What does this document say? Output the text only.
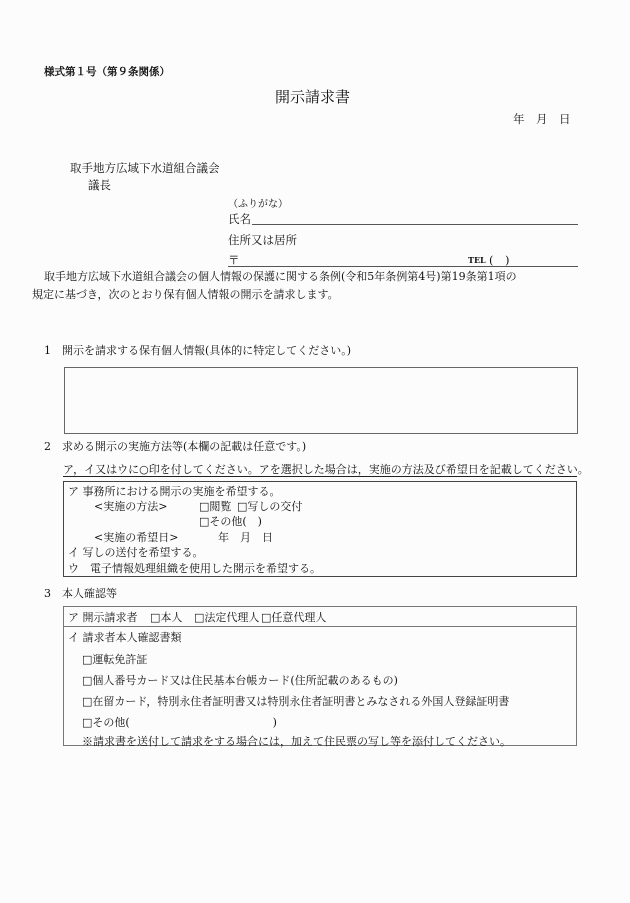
様式第１号（第９条関係）
開示請求書
年　月　日
取手地方広域下水道組合議会
議長
（ふりがな）
氏名
住所又は居所
〒	TEL (　)
取手地方広域下水道組合議会の個人情報の保護に関する条例(令和5年条例第4号)第19条第1項の
規定に基づき，次のとおり保有個人情報の開示を請求します。
1　開示を請求する保有個人情報(具体的に特定してください。)
2　求める開示の実施方法等(本欄の記載は任意です。)
ア，イ又はウに○印を付してください。アを選択した場合は，実施の方法及び希望日を記載してください。
ア 事務所における開示の実施を希望する。
<実施の方法>	□閲覧 □写しの交付
□その他(　)
<実施の希望日>	年　月　日
イ 写しの送付を希望する。
ウ　電子情報処理組織を使用した開示を希望する。
3　本人確認等
ア 開示請求者 □本人 □法定代理人 □任意代理人
イ 請求者本人確認書類
□運転免許証
□個人番号カード又は住民基本台帳カード(住所記載のあるもの)
□在留カード，特別永住者証明書又は特別永住者証明書とみなされる外国人登録証明書
□その他(　　　　　　　　　　　　　)
※請求書を送付して請求をする場合には，加えて住民票の写し等を添付してください。
